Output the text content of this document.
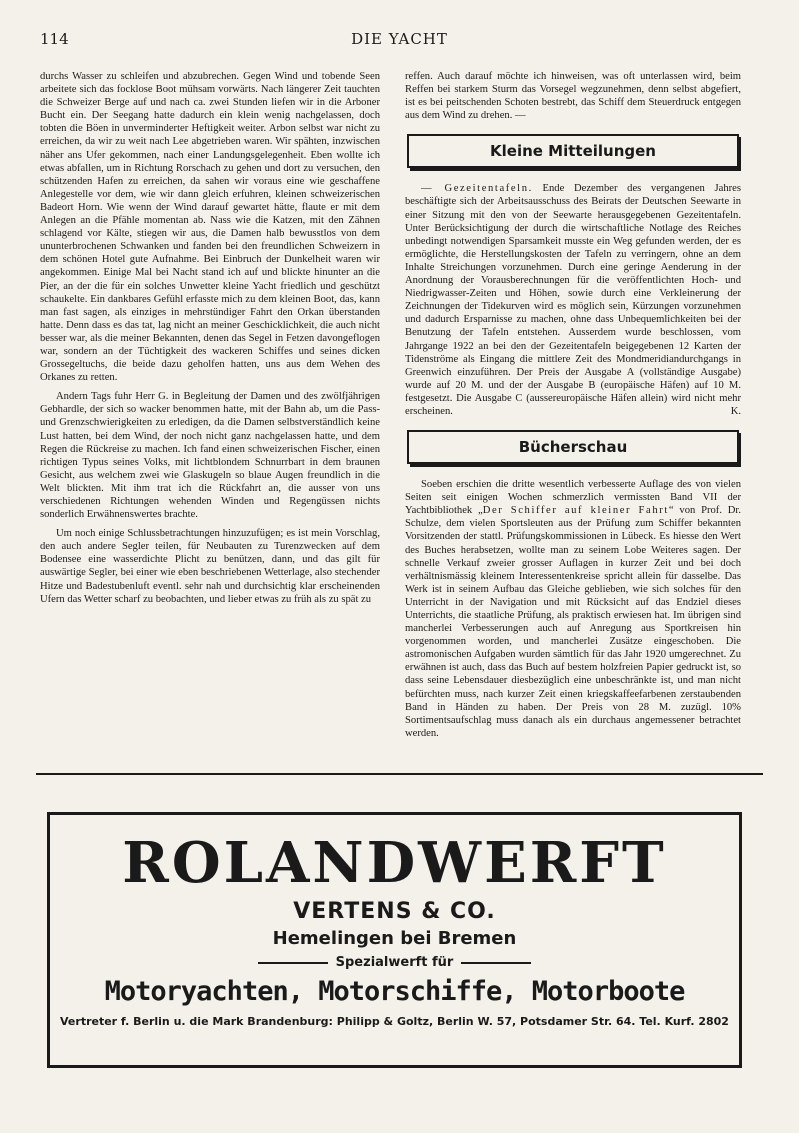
114	DIE YACHT

durchs Wasser zu schleifen und abzubrechen. Gegen Wind und tobende Seen arbeitete sich das focklose Boot mühsam vorwärts. Nach längerer Zeit tauchten die Schweizer Berge auf und nach ca. zwei Stunden liefen wir in die Arboner Bucht ein. Der Seegang hatte dadurch ein klein wenig nachgelassen, doch tobten die Böen in unverminderter Heftigkeit weiter. Arbon selbst war nicht zu erreichen, da wir zu weit nach Lee abgetrieben waren. Wir spähten, inzwischen näher ans Ufer gekommen, nach einer Landungsgelegenheit. Eben wollte ich etwas abfallen, um in Richtung Rorschach zu gehen und dort zu versuchen, den schützenden Hafen zu erreichen, da sahen wir voraus eine wie geschaffene Anlegestelle vor dem, wie wir dann gleich erfuhren, kleinen schweizerischen Badeort Horn. Wie wenn der Wind darauf gewartet hätte, flaute er mit dem Anlegen an die Pfähle momentan ab. Nass wie die Katzen, mit den Zähnen schlagend vor Kälte, stiegen wir aus, die Damen halb bewusstlos von dem ununterbrochenen Schwanken und fanden bei den freundlichen Schweizern in dem schönen Hotel gute Aufnahme. Bei Einbruch der Dunkelheit waren wir angekommen. Einige Mal bei Nacht stand ich auf und blickte hinunter an die Pier, an der die für ein solches Unwetter kleine Yacht friedlich und geschützt schaukelte. Ein dankbares Gefühl erfasste mich zu dem kleinen Boot, das, kann man fast sagen, als einziges in mehrstündiger Fahrt den Orkan überstanden hatte. Denn dass es das tat, lag nicht an meiner Geschicklichkeit, die auch nicht besser war, als die meiner Bekannten, denen das Segel in Fetzen davongeflogen war, sondern an der Tüchtigkeit des wackeren Schiffes und seines dicken Grossegeltuchs, die beide dazu geholfen hatten, uns aus dem Wehen des Orkanes zu retten.

Andern Tags fuhr Herr G. in Begleitung der Damen und des zwölfjährigen Gebhardle, der sich so wacker benommen hatte, mit der Bahn ab, um die Pass- und Grenzschwierigkeiten zu erledigen, da die Damen selbstverständlich keine Lust hatten, bei dem Wind, der noch nicht ganz nachgelassen hatte, und dem Regen die Rückreise zu machen. Ich fand einen schweizerischen Fischer, einen richtigen Typus seines Volks, mit lichtblondem Schnurrbart in dem braunen Gesicht, aus welchem zwei wie Glaskugeln so blaue Augen freundlich in die Welt blickten. Mit ihm trat ich die Rückfahrt an, die ausser von uns verschiedenen Richtungen wehenden Winden und Regengüssen nichts sonderlich Erwähnenswertes brachte.

Um noch einige Schlussbetrachtungen hinzuzufügen; es ist mein Vorschlag, den auch andere Segler teilen, für Neubauten zu Turenzwecken auf dem Bodensee eine wasserdichte Plicht zu benützen, dann, und das gilt für auswärtige Segler, bei einer wie eben beschriebenen Wetterlage, also stechender Hitze und Badestubenluft eventl. sehr nah und durchsichtig klar erscheinenden Ufern das Wetter scharf zu beobachten, und lieber etwas zu früh als zu spät zu

reffen. Auch darauf möchte ich hinweisen, was oft unterlassen wird, beim Reffen bei starkem Sturm das Vorsegel wegzunehmen, denn selbst abgefiert, ist es bei peitschenden Schoten bestrebt, das Schiff dem Steuerdruck entgegen aus dem Wind zu drehen. —

Kleine Mitteilungen

— Gezeitentafeln. Ende Dezember des vergangenen Jahres beschäftigte sich der Arbeitsausschuss des Beirats der Deutschen Seewarte in einer Sitzung mit den von der Seewarte herausgegebenen Gezeitentafeln. Unter Berücksichtigung der durch die wirtschaftliche Notlage des Reiches unbedingt notwendigen Sparsamkeit musste ein Weg gefunden werden, der es ermöglichte, die Herstellungskosten der Tafeln zu verringern, ohne an dem Inhalte Streichungen vorzunehmen. Durch eine geringe Aenderung in der Anordnung der Vorausberechnungen für die veröffentlichten Hoch- und Niedrigwasser-Zeiten und Höhen, sowie durch eine Verkleinerung der Zeichnungen der Tidekurven wird es möglich sein, Kürzungen vorzunehmen und dadurch Ersparnisse zu machen, ohne dass Unbequemlichkeiten bei der Benutzung der Tafeln entstehen. Ausserdem wurde beschlossen, vom Jahrgange 1922 an bei den der Gezeitentafeln beigegebenen 12 Karten der Tidenströme als Eingang die mittlere Zeit des Mondmeridiandurchgangs in Greenwich einzuführen. Der Preis der Ausgabe A (vollständige Ausgabe) wurde auf 20 M. und der der Ausgabe B (europäische Häfen) auf 10 M. festgesetzt. Die Ausgabe C (aussereuropäische Häfen allein) wird nicht mehr erscheinen.	K.

Bücherschau

Soeben erschien die dritte wesentlich verbesserte Auflage des von vielen Seiten seit einigen Wochen schmerzlich vermissten Band VII der Yachtbibliothek „Der Schiffer auf kleiner Fahrt“ von Prof. Dr. Schulze, dem vielen Sportsleuten aus der Prüfung zum Schiffer bekannten Vorsitzenden der stattl. Prüfungskommissionen in Lübeck. Es hiesse den Wert des Buches herabsetzen, wollte man zu seinem Lobe Weiteres sagen. Der schnelle Verkauf zweier grosser Auflagen in kurzer Zeit und bei doch verhältnismässig kleinem Interessentenkreise spricht allein für dasselbe. Das Werk ist in seinem Aufbau das Gleiche geblieben, wie sich solches für den Unterricht in der Navigation und mit Rücksicht auf das Endziel dieses Unterrichts, die staatliche Prüfung, als praktisch erwiesen hat. Im übrigen sind mancherlei Verbesserungen auch auf Anregung aus Sportkreisen hin vorgenommen worden, und mancherlei Zusätze eingeschoben. Die astromonischen Aufgaben wurden sämtlich für das Jahr 1920 umgerechnet. Zu erwähnen ist auch, dass das Buch auf bestem holzfreien Papier gedruckt ist, so dass seine Lebensdauer diesbezüglich eine unbeschränkte ist, und man nicht befürchten muss, nach kurzer Zeit einen kriegskaffeefarbenen zerstaubenden Band in Händen zu haben. Der Preis von 28 M. zuzügl. 10% Sortimentsaufschlag muss danach als ein durchaus angemessener betrachtet werden.

ROLANDWERFT
VERTENS & CO.
Hemelingen bei Bremen
Spezialwerft für
Motoryachten, Motorschiffe, Motorboote
Vertreter f. Berlin u. die Mark Brandenburg: Philipp & Goltz, Berlin W. 57, Potsdamer Str. 64. Tel. Kurf. 2802
